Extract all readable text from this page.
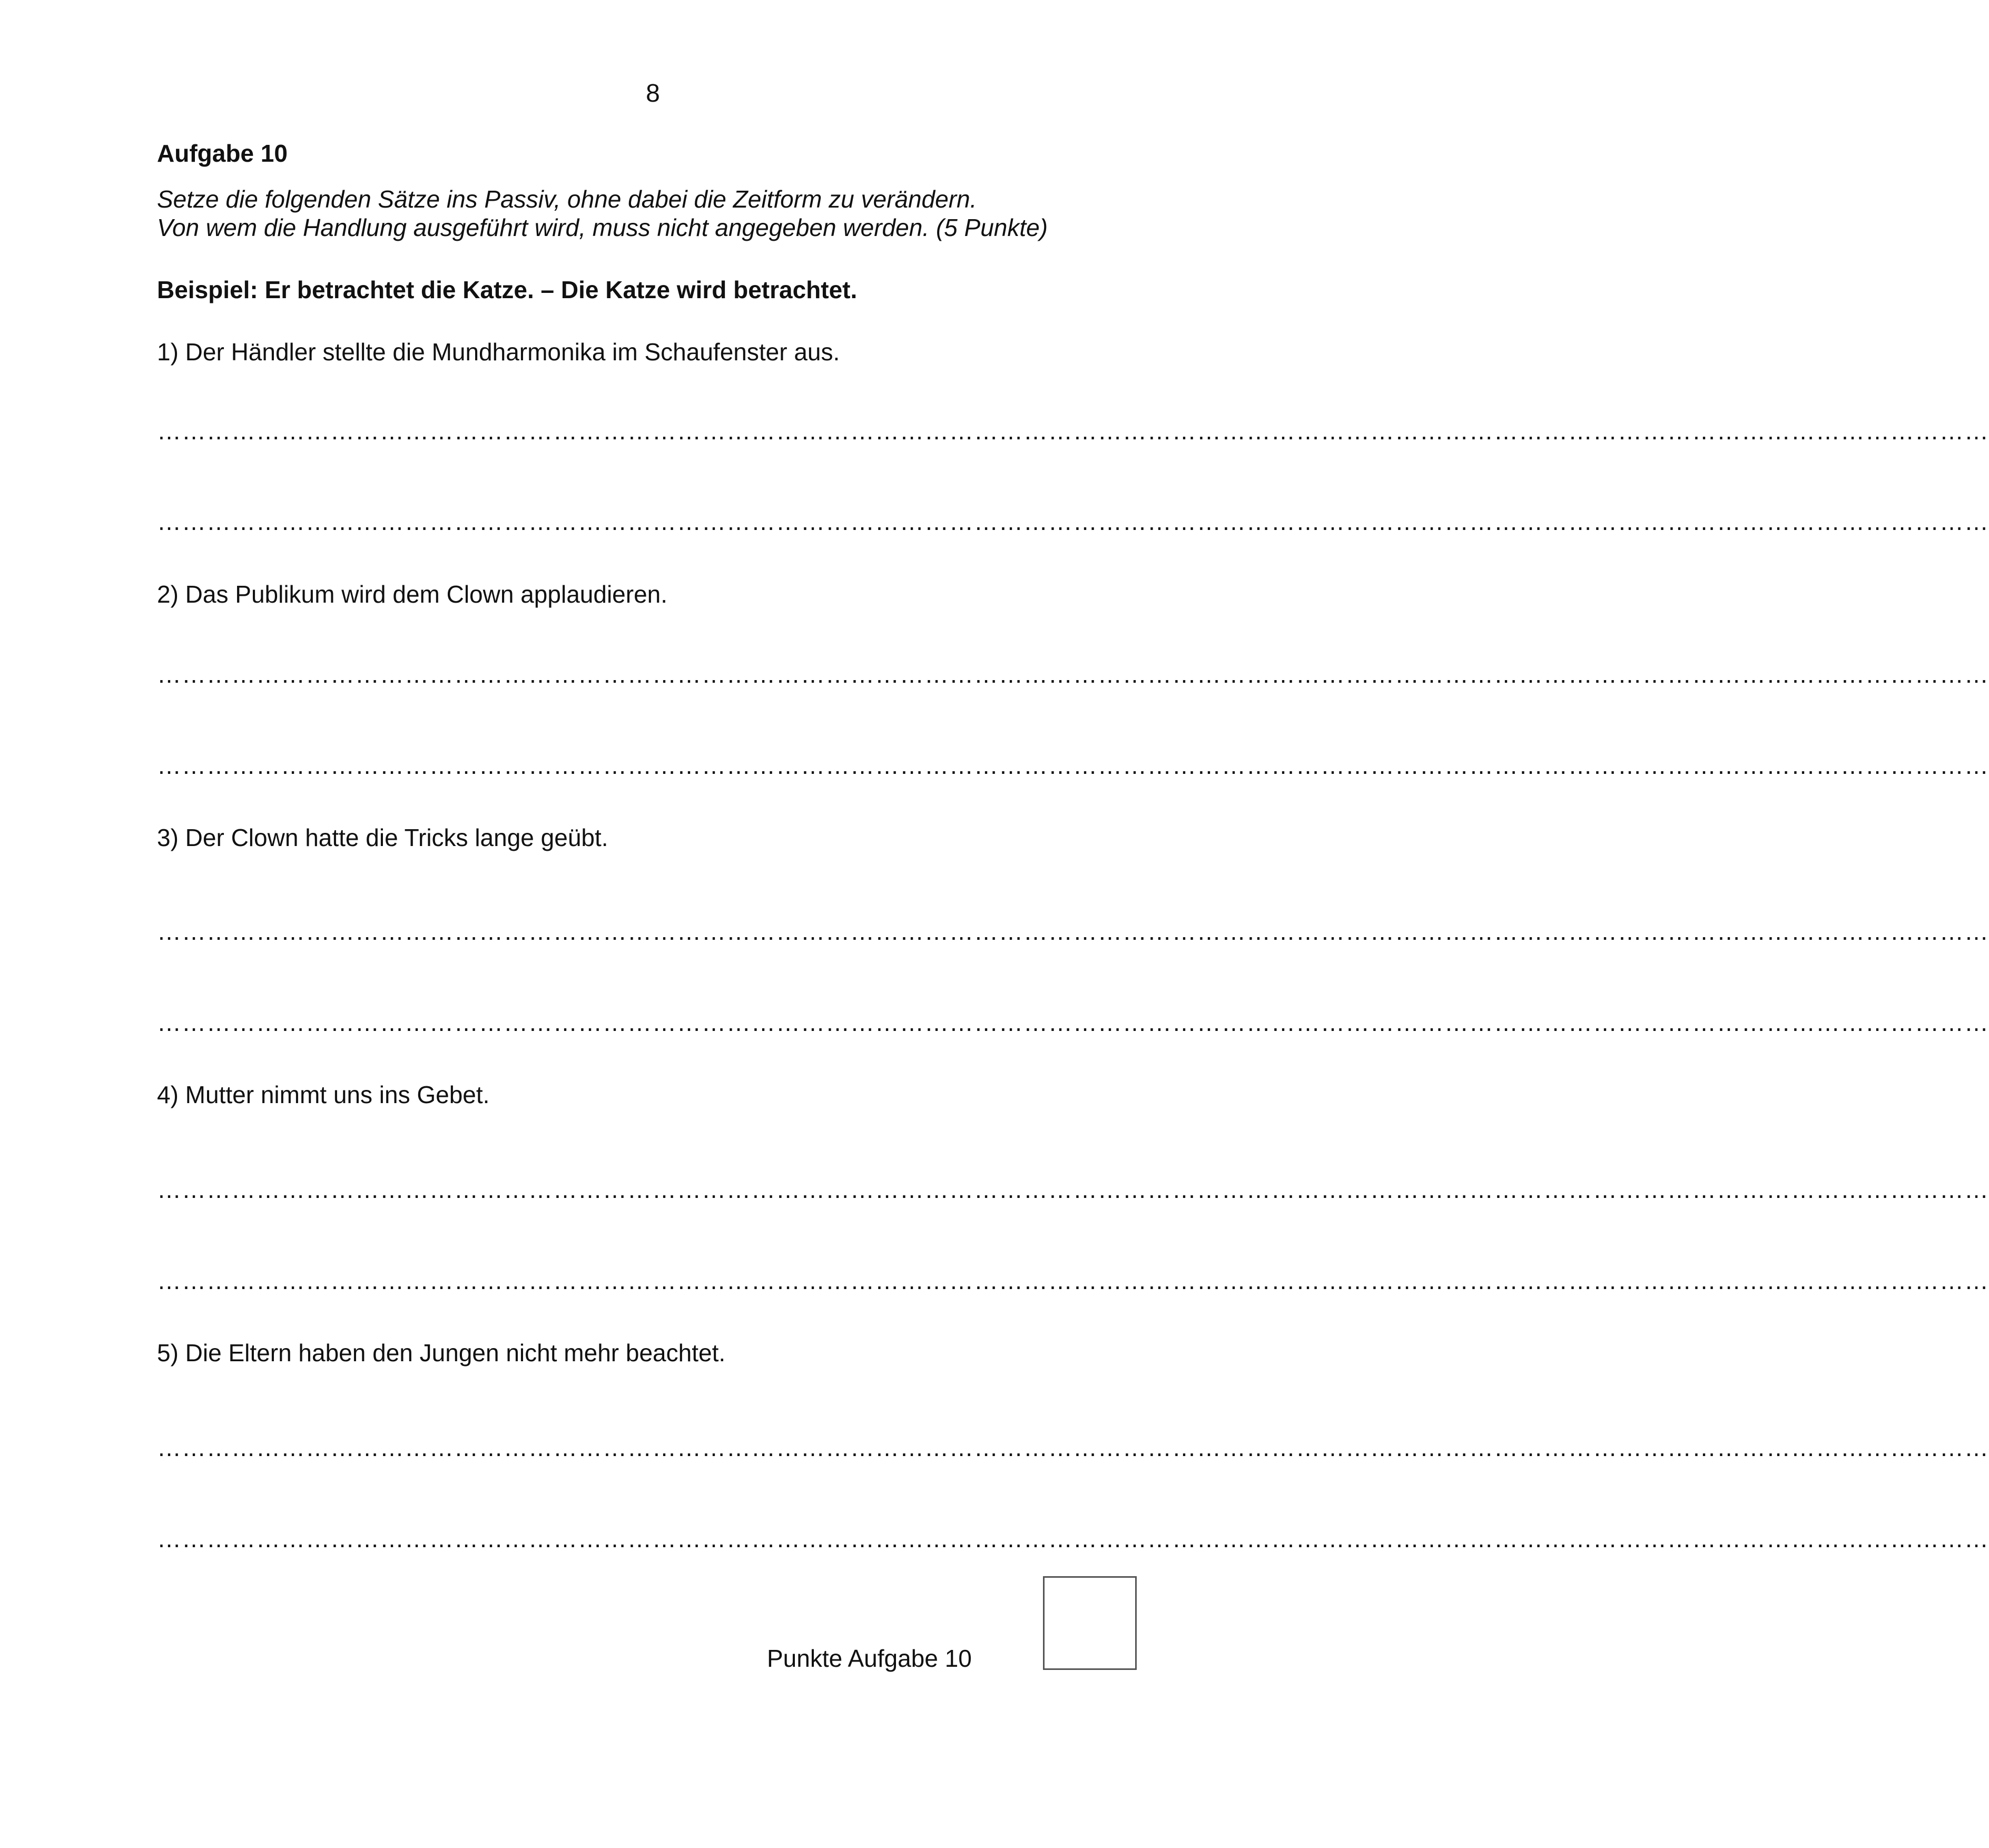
8
Aufgabe 10
Setze die folgenden Sätze ins Passiv, ohne dabei die Zeitform zu verändern.
Von wem die Handlung ausgeführt wird, muss nicht angegeben werden. (5 Punkte)
Beispiel: Er betrachtet die Katze. – Die Katze wird betrachtet.
1) Der Händler stellte die Mundharmonika im Schaufenster aus.
……………………………………………………………………………………………………………………………………………………………………………………………………
……………………………………………………………………………………………………………………………………………………………………………………………………
2) Das Publikum wird dem Clown applaudieren.
……………………………………………………………………………………………………………………………………………………………………………………………………
……………………………………………………………………………………………………………………………………………………………………………………………………
3) Der Clown hatte die Tricks lange geübt.
……………………………………………………………………………………………………………………………………………………………………………………………………
……………………………………………………………………………………………………………………………………………………………………………………………………
4) Mutter nimmt uns ins Gebet.
……………………………………………………………………………………………………………………………………………………………………………………………………
……………………………………………………………………………………………………………………………………………………………………………………………………
5) Die Eltern haben den Jungen nicht mehr beachtet.
……………………………………………………………………………………………………………………………………………………………………………………………………
……………………………………………………………………………………………………………………………………………………………………………………………………
Punkte Aufgabe 10
